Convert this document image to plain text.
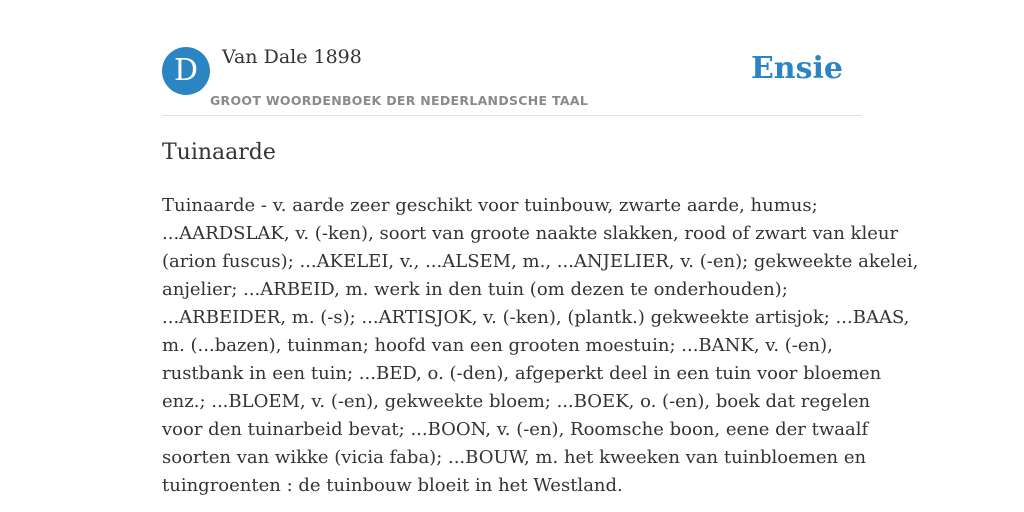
D	Van Dale 1898
GROOT WOORDENBOEK DER NEDERLANDSCHE TAAL
Ensie
Tuinaarde
Tuinaarde - v. aarde zeer geschikt voor tuinbouw, zwarte aarde, humus;
...AARDSLAK, v. (-ken), soort van groote naakte slakken, rood of zwart van kleur
(arion fuscus); ...AKELEI, v., ...ALSEM, m., ...ANJELIER, v. (-en); gekweekte akelei,
anjelier; ...ARBEID, m. werk in den tuin (om dezen te onderhouden);
...ARBEIDER, m. (-s); ...ARTISJOK, v. (-ken), (plantk.) gekweekte artisjok; ...BAAS,
m. (...bazen), tuinman; hoofd van een grooten moestuin; ...BANK, v. (-en),
rustbank in een tuin; ...BED, o. (-den), afgeperkt deel in een tuin voor bloemen
enz.; ...BLOEM, v. (-en), gekweekte bloem; ...BOEK, o. (-en), boek dat regelen
voor den tuinarbeid bevat; ...BOON, v. (-en), Roomsche boon, eene der twaalf
soorten van wikke (vicia faba); ...BOUW, m. het kweeken van tuinbloemen en
tuingroenten : de tuinbouw bloeit in het Westland.
